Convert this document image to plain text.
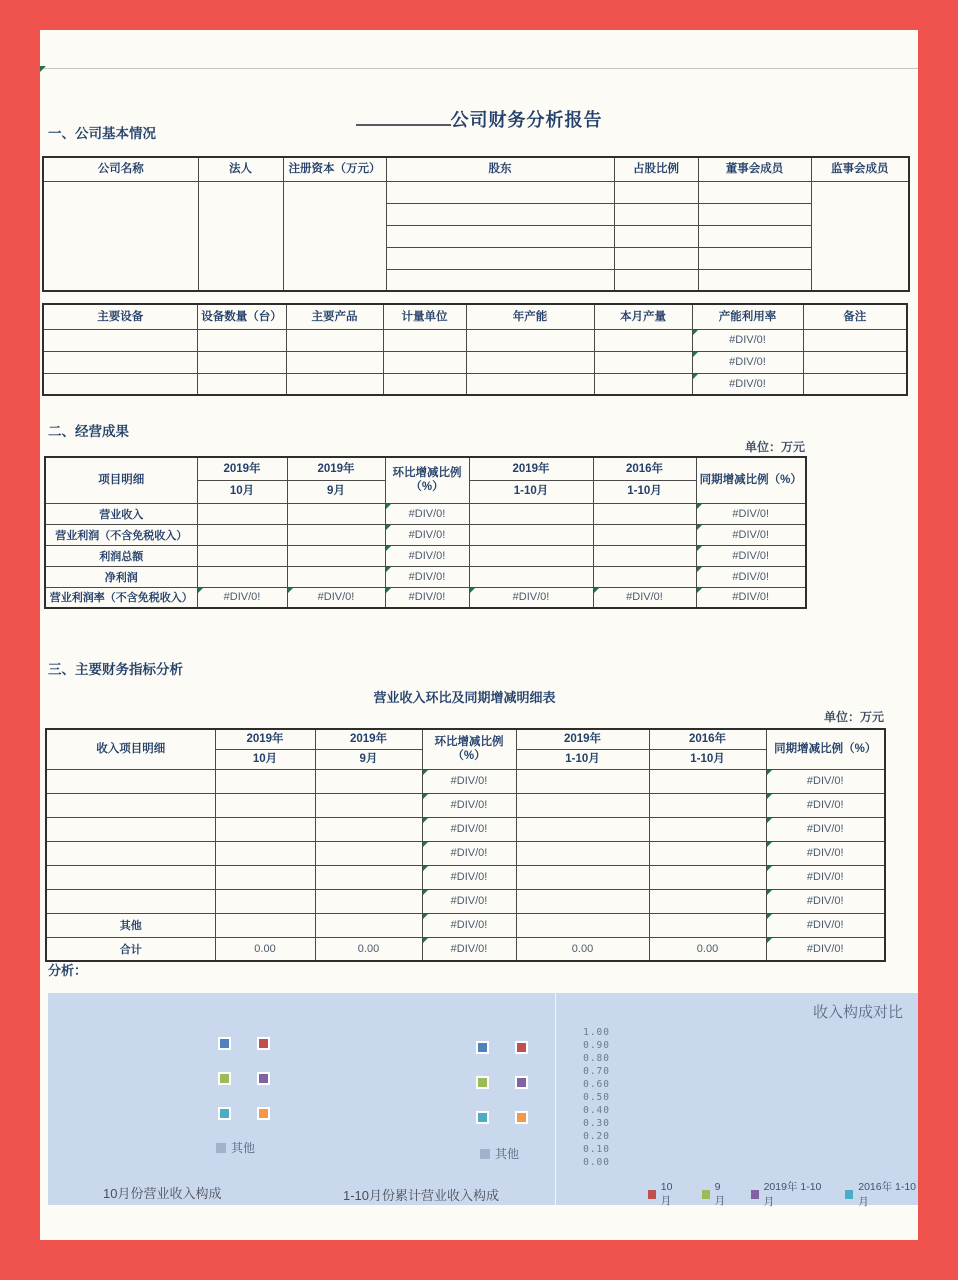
公司财务分析报告
一、公司基本情况
公司名称	法人	注册资本（万元）	股东	占股比例	董事会成员	监事会成员

主要设备	设备数量（台）	主要产品	计量单位	年产能	本月产量	产能利用率	备注
						#DIV/0!	
						#DIV/0!	
						#DIV/0!	
二、经营成果
单位：万元
项目明细	2019年	2019年	环比增减比例（%）	2019年	2016年	同期增减比例（%）
	10月	9月		1-10月	1-10月	
营业收入			#DIV/0!			#DIV/0!
营业利润（不含免税收入）			#DIV/0!			#DIV/0!
利润总额			#DIV/0!			#DIV/0!
净利润			#DIV/0!			#DIV/0!
营业利润率（不含免税收入）	#DIV/0!	#DIV/0!	#DIV/0!	#DIV/0!	#DIV/0!	#DIV/0!
三、主要财务指标分析
营业收入环比及同期增减明细表
单位：万元
收入项目明细	2019年	2019年	环比增减比例（%）	2019年	2016年	同期增减比例（%）
	10月	9月		1-10月	1-10月	
			#DIV/0!			#DIV/0!
			#DIV/0!			#DIV/0!
			#DIV/0!			#DIV/0!
			#DIV/0!			#DIV/0!
			#DIV/0!			#DIV/0!
			#DIV/0!			#DIV/0!
其他			#DIV/0!			#DIV/0!
合计	0.00	0.00	#DIV/0!	0.00	0.00	#DIV/0!
分析：
其他
10月份营业收入构成
其他
1-10月份累计营业收入构成
收入构成对比
1.00
0.90
0.80
0.70
0.60
0.50
0.40
0.30
0.20
0.10
0.00
10月
9月
2019年 1-10月
2016年 1-10月
